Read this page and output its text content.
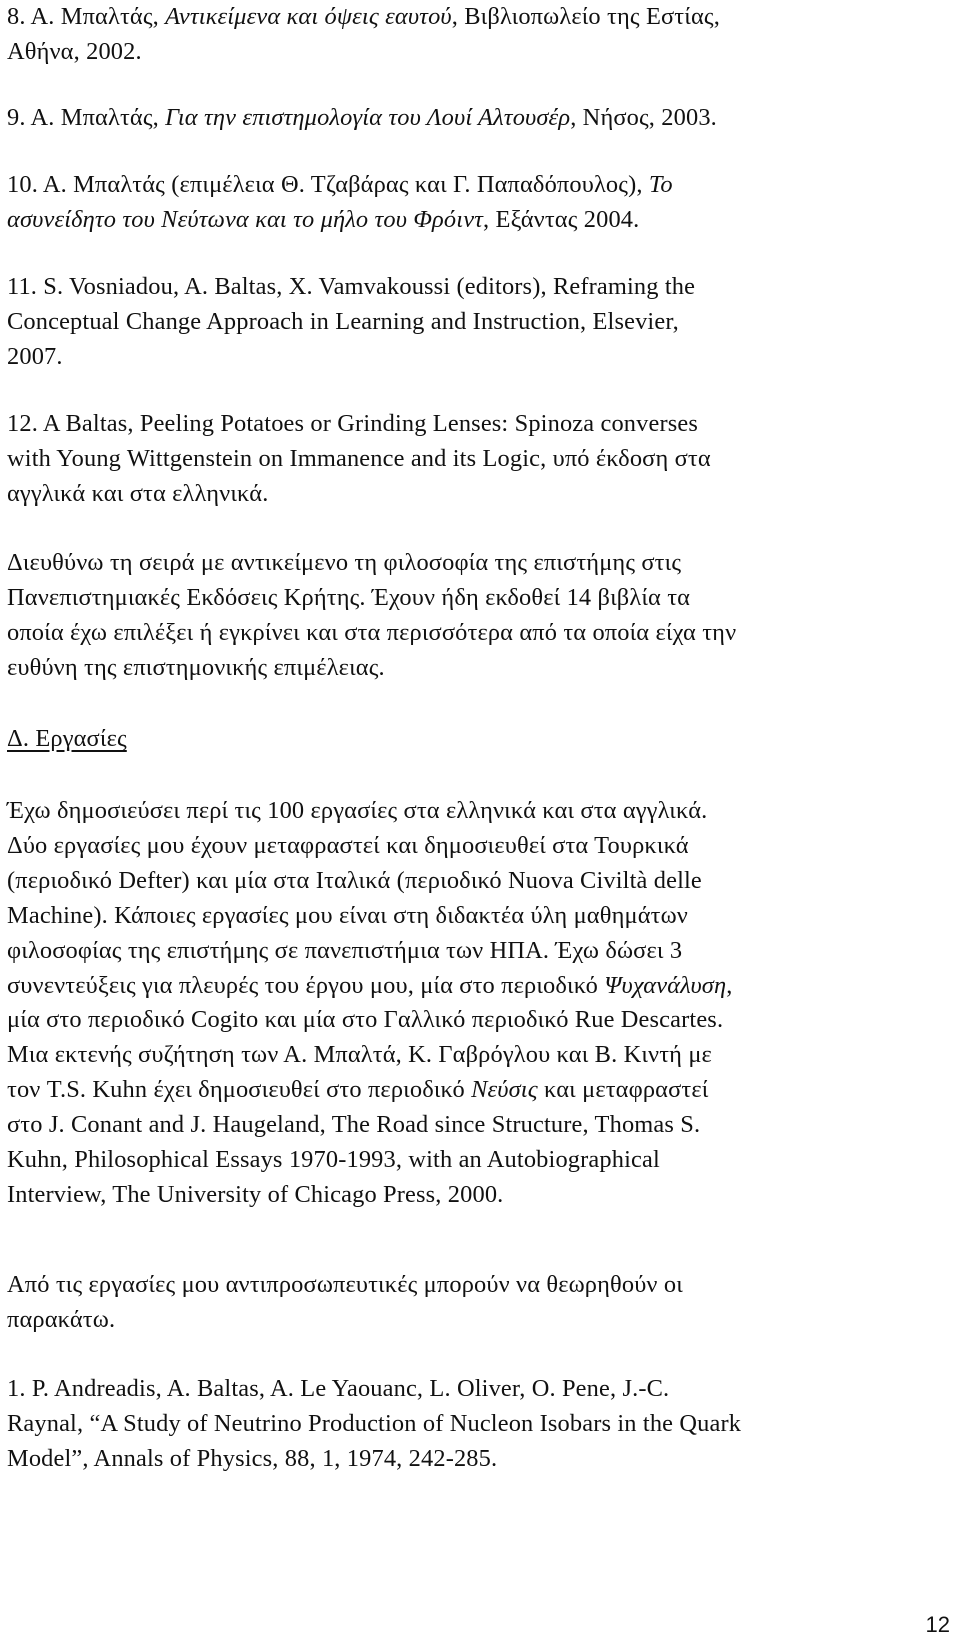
8. Α. Μπαλτάς, Αντικείμενα και όψεις εαυτού, Βιβλιοπωλείο της Εστίας,
Αθήνα, 2002.

9. Α. Μπαλτάς, Για την επιστημολογία του Λουί Αλτουσέρ, Νήσος, 2003.

10. Α. Μπαλτάς (επιμέλεια Θ. Τζαβάρας και Γ. Παπαδόπουλος), Το
ασυνείδητο του Νεύτωνα και το μήλο του Φρόιντ, Εξάντας 2004.

11. S. Vosniadou, A. Baltas, X. Vamvakoussi (editors), Reframing the
Conceptual Change Approach in Learning and Instruction, Elsevier,
2007.

12. A Baltas, Peeling Potatoes or Grinding Lenses: Spinoza converses
with Young Wittgenstein on Immanence and its Logic, υπό έκδοση στα
αγγλικά και στα ελληνικά.

Διευθύνω τη σειρά με αντικείμενο τη φιλοσοφία της επιστήμης στις
Πανεπιστημιακές Εκδόσεις Κρήτης. Έχουν ήδη εκδοθεί 14 βιβλία τα
οποία έχω επιλέξει ή εγκρίνει και στα περισσότερα από τα οποία είχα την
ευθύνη της επιστημονικής επιμέλειας.

Δ. Εργασίες

Έχω δημοσιεύσει περί τις 100 εργασίες στα ελληνικά και στα αγγλικά.
Δύο εργασίες μου έχουν μεταφραστεί και δημοσιευθεί στα Τουρκικά
(περιοδικό Defter) και μία στα Ιταλικά (περιοδικό Nuova Civiltà delle
Machine). Κάποιες εργασίες μου είναι στη διδακτέα ύλη μαθημάτων
φιλοσοφίας της επιστήμης σε πανεπιστήμια των ΗΠΑ. Έχω δώσει 3
συνεντεύξεις για πλευρές του έργου μου, μία στο περιοδικό Ψυχανάλυση,
μία στο περιοδικό Cogito και μία στο Γαλλικό περιοδικό Rue Descartes.
Μια εκτενής συζήτηση των Α. Μπαλτά, Κ. Γαβρόγλου και Β. Κιντή με
τον T.S. Kuhn έχει δημοσιευθεί στο περιοδικό Νεύσις και μεταφραστεί
στο J. Conant and J. Haugeland, The Road since Structure, Thomas S.
Kuhn, Philosophical Essays 1970-1993, with an Autobiographical
Interview, The University of Chicago Press, 2000.

Από τις εργασίες μου αντιπροσωπευτικές μπορούν να θεωρηθούν οι
παρακάτω.

1. P. Andreadis, A. Baltas, A. Le Yaouanc, L. Oliver, O. Pene, J.-C.
Raynal, “A Study of Neutrino Production of Nucleon Isobars in the Quark
Model”, Annals of Physics, 88, 1, 1974, 242-285.

12
